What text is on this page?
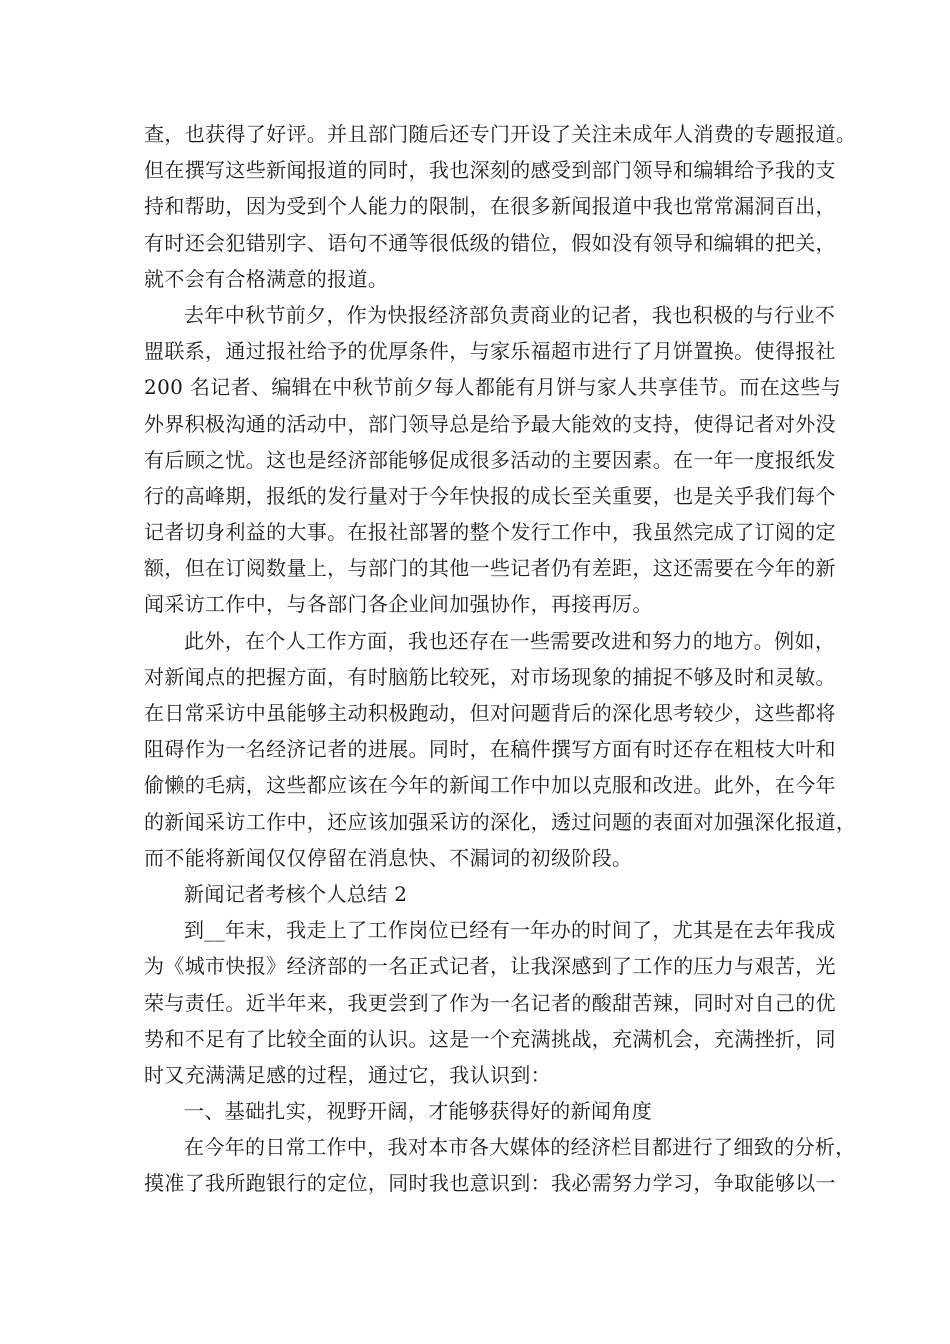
查，也获得了好评。并且部门随后还专门开设了关注未成年人消费的专题报道。
但在撰写这些新闻报道的同时，我也深刻的感受到部门领导和编辑给予我的支
持和帮助，因为受到个人能力的限制，在很多新闻报道中我也常常漏洞百出，
有时还会犯错别字、语句不通等很低级的错位，假如没有领导和编辑的把关，
就不会有合格满意的报道。
去年中秋节前夕，作为快报经济部负责商业的记者，我也积极的与行业不
盟联系，通过报社给予的优厚条件，与家乐福超市进行了月饼置换。使得报社
200 名记者、编辑在中秋节前夕每人都能有月饼与家人共享佳节。而在这些与
外界积极沟通的活动中，部门领导总是给予最大能效的支持，使得记者对外没
有后顾之忧。这也是经济部能够促成很多活动的主要因素。在一年一度报纸发
行的高峰期，报纸的发行量对于今年快报的成长至关重要，也是关乎我们每个
记者切身利益的大事。在报社部署的整个发行工作中，我虽然完成了订阅的定
额，但在订阅数量上，与部门的其他一些记者仍有差距，这还需要在今年的新
闻采访工作中，与各部门各企业间加强协作，再接再厉。
此外，在个人工作方面，我也还存在一些需要改进和努力的地方。例如，
对新闻点的把握方面，有时脑筋比较死，对市场现象的捕捉不够及时和灵敏。
在日常采访中虽能够主动积极跑动，但对问题背后的深化思考较少，这些都将
阻碍作为一名经济记者的进展。同时，在稿件撰写方面有时还存在粗枝大叶和
偷懒的毛病，这些都应该在今年的新闻工作中加以克服和改进。此外，在今年
的新闻采访工作中，还应该加强采访的深化，透过问题的表面对加强深化报道，
而不能将新闻仅仅停留在消息快、不漏词的初级阶段。
新闻记者考核个人总结 2
到__年末，我走上了工作岗位已经有一年办的时间了，尤其是在去年我成
为《城市快报》经济部的一名正式记者，让我深感到了工作的压力与艰苦，光
荣与责任。近半年来，我更尝到了作为一名记者的酸甜苦辣，同时对自己的优
势和不足有了比较全面的认识。这是一个充满挑战，充满机会，充满挫折，同
时又充满满足感的过程，通过它，我认识到：
一、基础扎实，视野开阔，才能够获得好的新闻角度
在今年的日常工作中，我对本市各大媒体的经济栏目都进行了细致的分析，
摸准了我所跑银行的定位，同时我也意识到：我必需努力学习，争取能够以一
